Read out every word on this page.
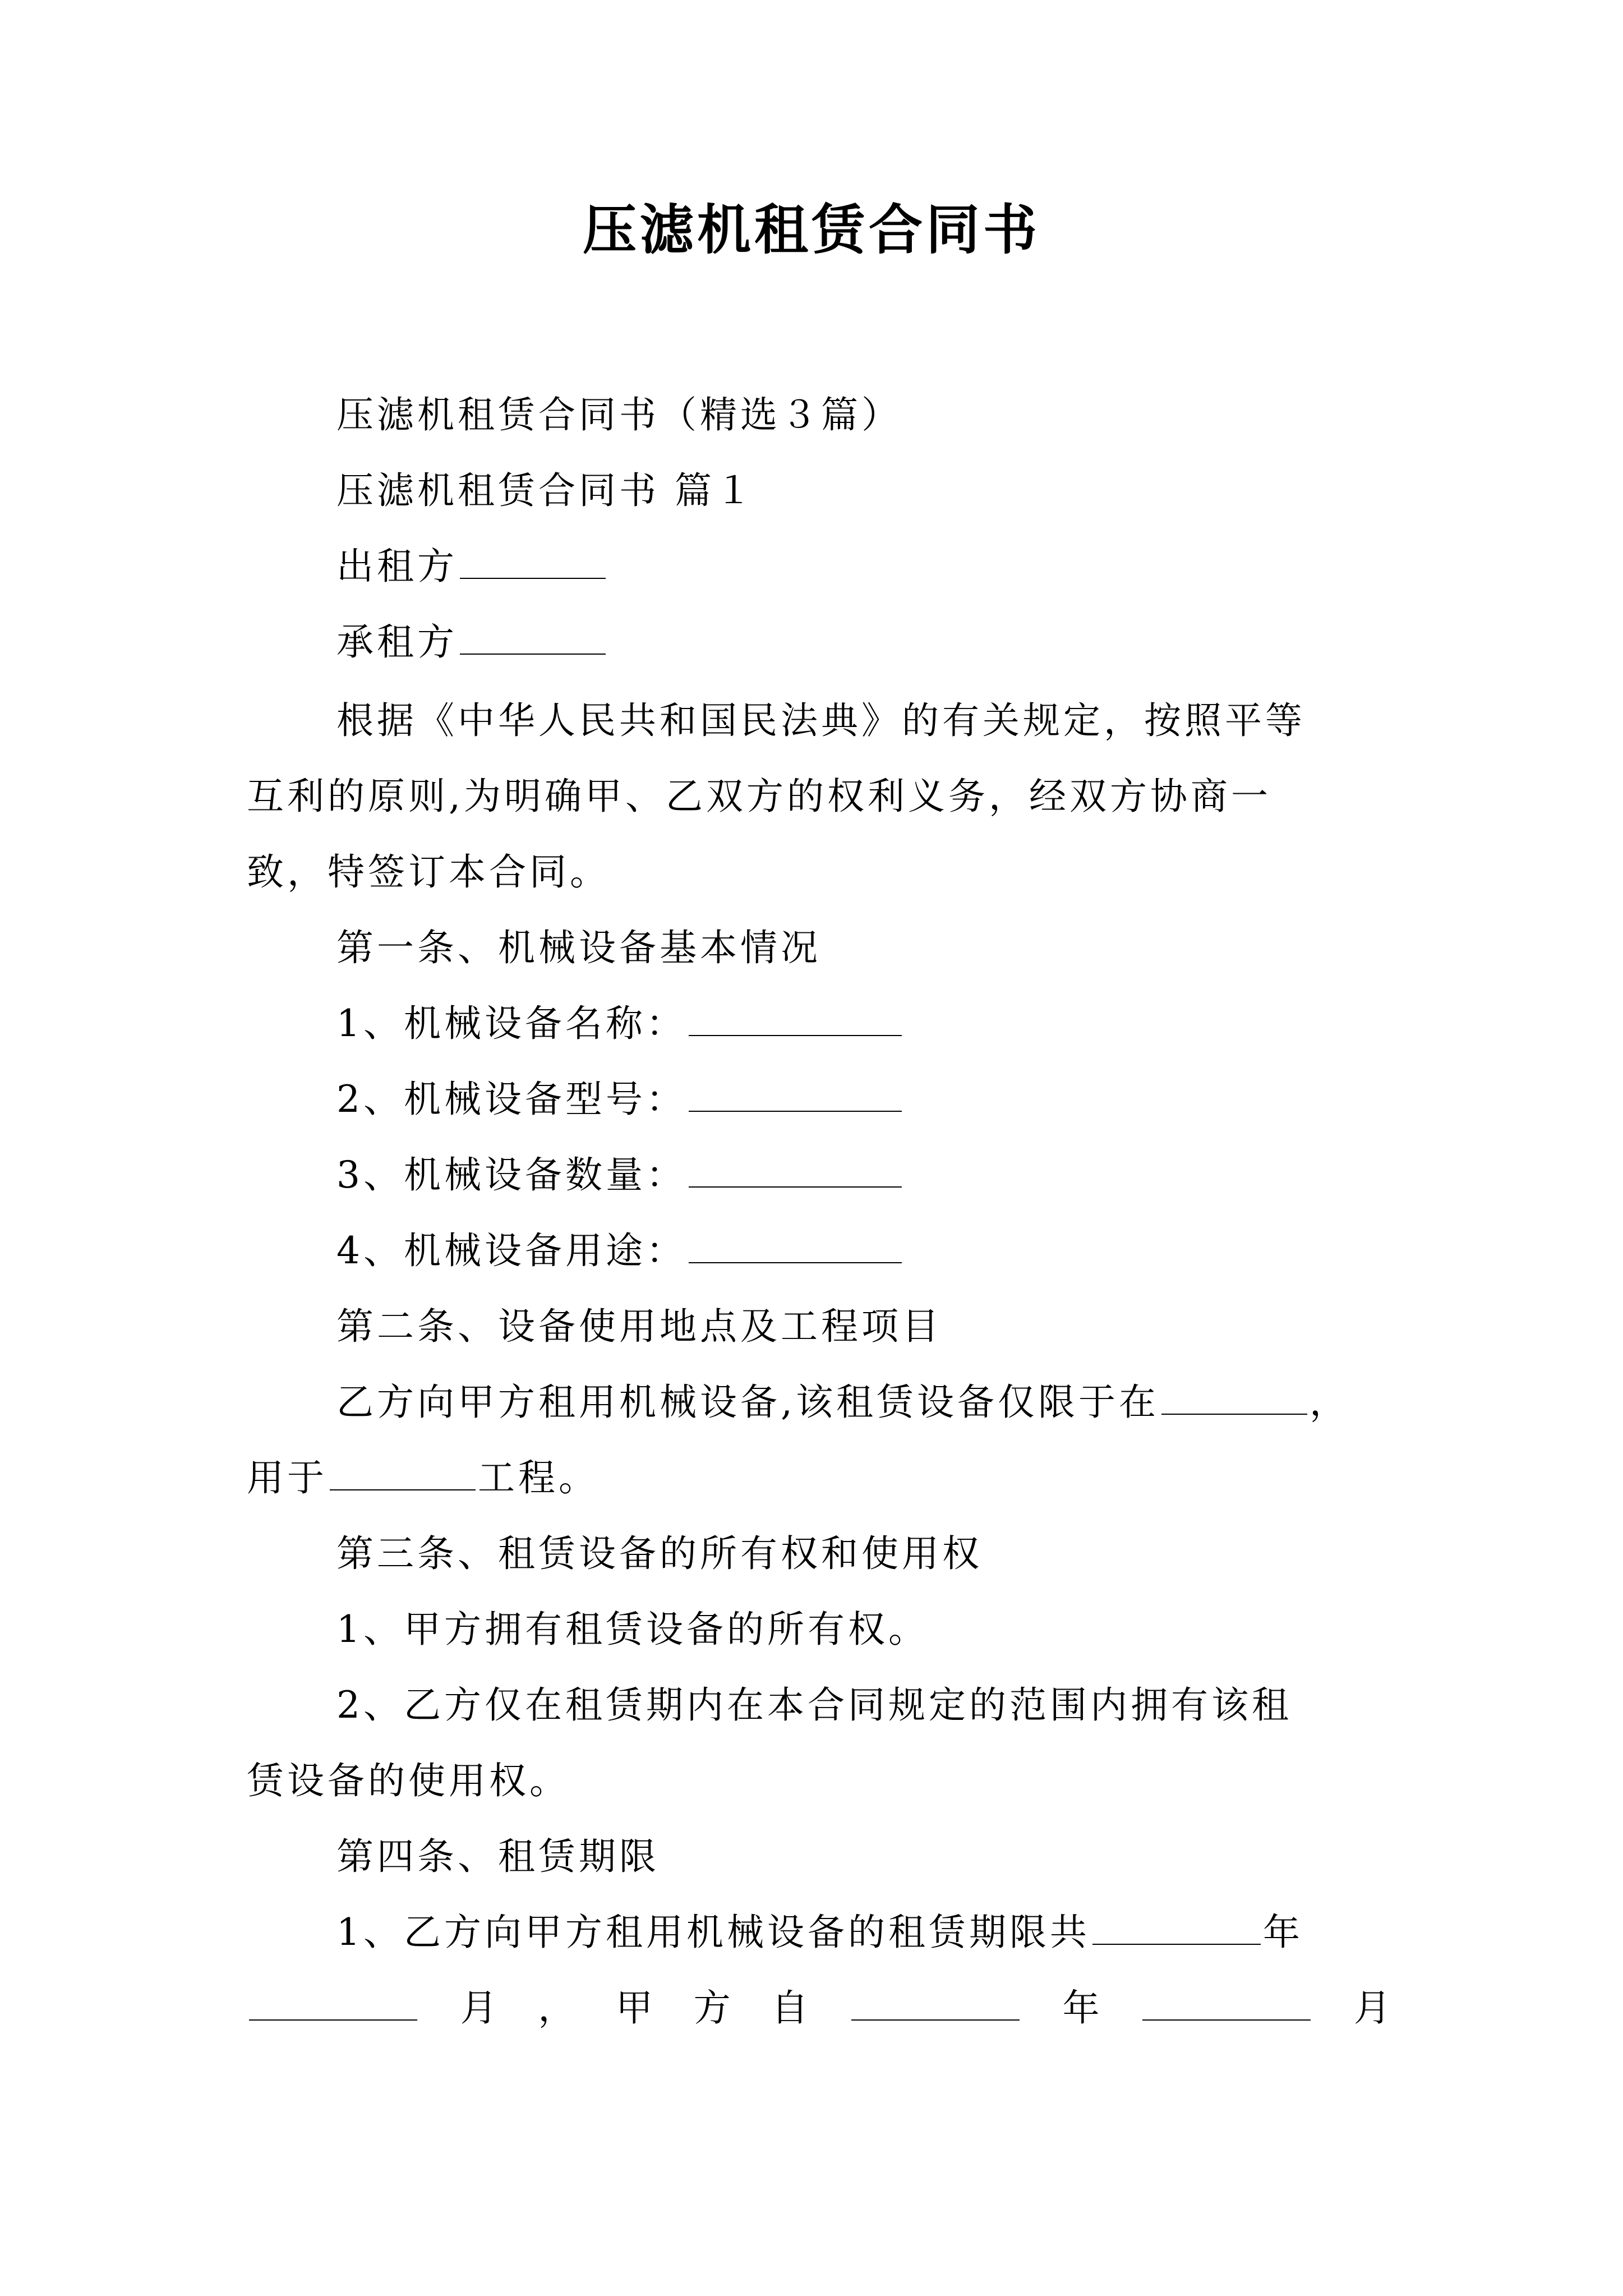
压滤机租赁合同书
压滤机租赁合同书（精选３篇）
压滤机租赁合同书 篇１
出租方
承租方
根据《中华人民共和国民法典》的有关规定，按照平等
互利的原则,为明确甲、乙双方的权利义务，经双方协商一
致，特签订本合同。
第一条、机械设备基本情况
1、机械设备名称：
2、机械设备型号：
3、机械设备数量：
4、机械设备用途：
第二条、设备使用地点及工程项目
乙方向甲方租用机械设备,该租赁设备仅限于在	，
用于	工程。
第三条、租赁设备的所有权和使用权
1、甲方拥有租赁设备的所有权。
2、乙方仅在租赁期内在本合同规定的范围内拥有该租
赁设备的使用权。
第四条、租赁期限
1、乙方向甲方租用机械设备的租赁期限共	年
月 ， 甲 方 自	年	月
